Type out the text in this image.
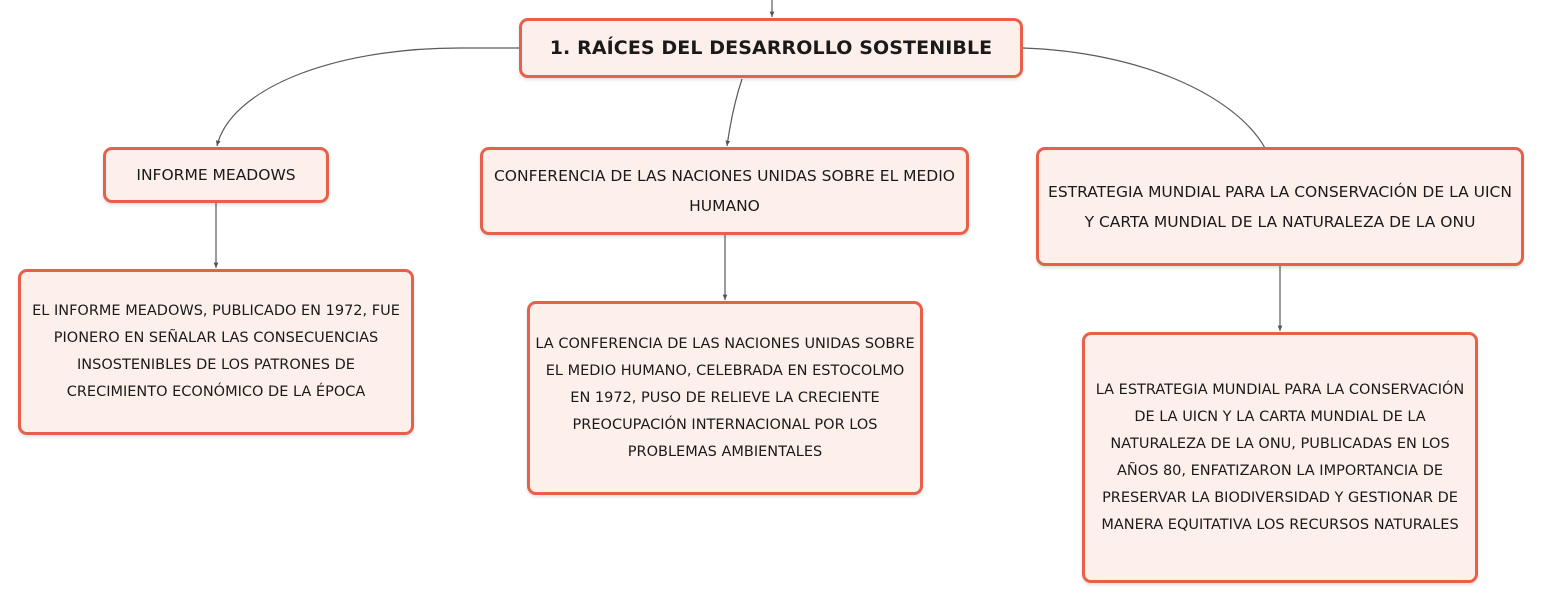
1. RAÍCES DEL DESARROLLO SOSTENIBLE
INFORME MEADOWS	CONFERENCIA DE LAS NACIONES UNIDAS SOBRE EL MEDIO HUMANO
ESTRATEGIA MUNDIAL PARA LA CONSERVACIÓN DE LA UICN Y CARTA MUNDIAL DE LA NATURALEZA DE LA ONU
EL INFORME MEADOWS, PUBLICADO EN 1972, FUE PIONERO EN SEÑALAR LAS CONSECUENCIAS INSOSTENIBLES DE LOS PATRONES DE CRECIMIENTO ECONÓMICO DE LA ÉPOCA
LA CONFERENCIA DE LAS NACIONES UNIDAS SOBRE EL MEDIO HUMANO, CELEBRADA EN ESTOCOLMO EN 1972, PUSO DE RELIEVE LA CRECIENTE PREOCUPACIÓN INTERNACIONAL POR LOS PROBLEMAS AMBIENTALES
LA ESTRATEGIA MUNDIAL PARA LA CONSERVACIÓN DE LA UICN Y LA CARTA MUNDIAL DE LA NATURALEZA DE LA ONU, PUBLICADAS EN LOS AÑOS 80, ENFATIZARON LA IMPORTANCIA DE PRESERVAR LA BIODIVERSIDAD Y GESTIONAR DE MANERA EQUITATIVA LOS RECURSOS NATURALES
